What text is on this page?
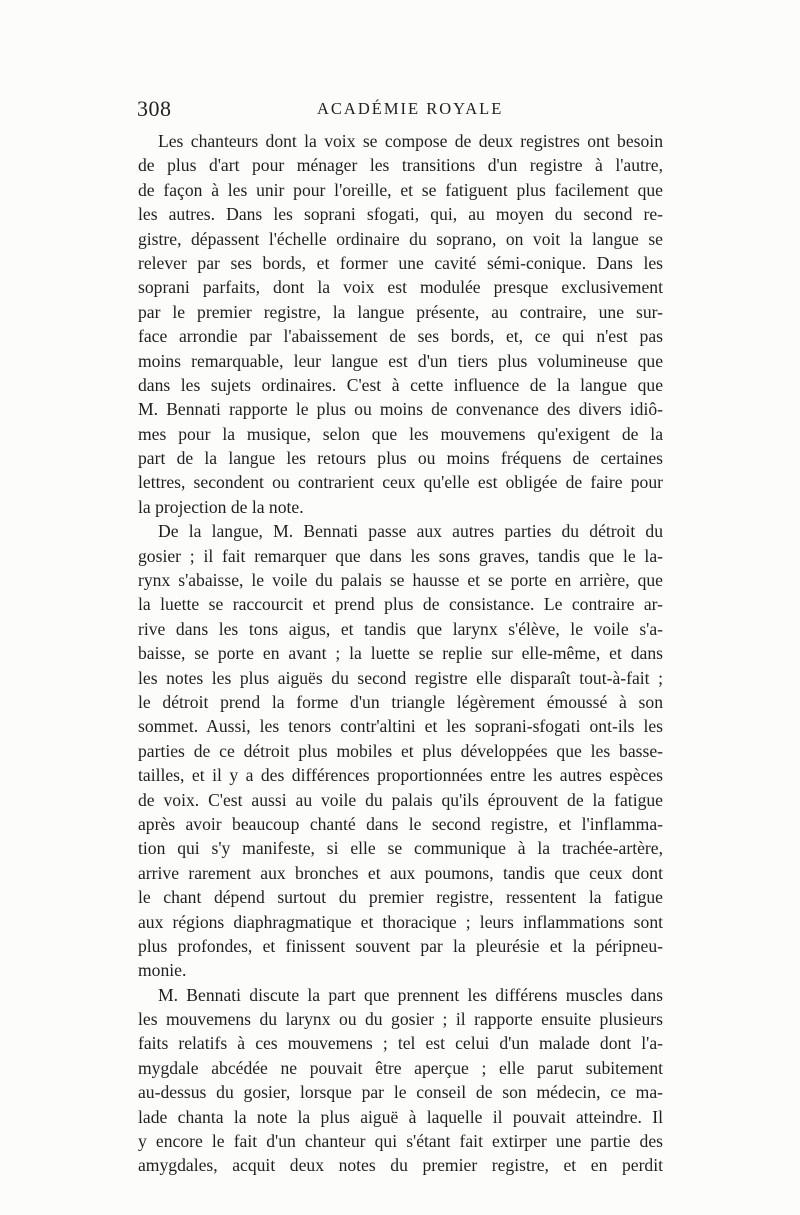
308	ACADÉMIE ROYALE
Les chanteurs dont la voix se compose de deux registres ont besoin
de plus d'art pour ménager les transitions d'un registre à l'autre,
de façon à les unir pour l'oreille, et se fatiguent plus facilement que
les autres. Dans les soprani sfogati, qui, au moyen du second re-
gistre, dépassent l'échelle ordinaire du soprano, on voit la langue se
relever par ses bords, et former une cavité sémi-conique. Dans les
soprani parfaits, dont la voix est modulée presque exclusivement
par le premier registre, la langue présente, au contraire, une sur-
face arrondie par l'abaissement de ses bords, et, ce qui n'est pas
moins remarquable, leur langue est d'un tiers plus volumineuse que
dans les sujets ordinaires. C'est à cette influence de la langue que
M. Bennati rapporte le plus ou moins de convenance des divers idiô-
mes pour la musique, selon que les mouvemens qu'exigent de la
part de la langue les retours plus ou moins fréquens de certaines
lettres, secondent ou contrarient ceux qu'elle est obligée de faire pour
la projection de la note.
De la langue, M. Bennati passe aux autres parties du détroit du
gosier ; il fait remarquer que dans les sons graves, tandis que le la-
rynx s'abaisse, le voile du palais se hausse et se porte en arrière, que
la luette se raccourcit et prend plus de consistance. Le contraire ar-
rive dans les tons aigus, et tandis que larynx s'élève, le voile s'a-
baisse, se porte en avant ; la luette se replie sur elle-même, et dans
les notes les plus aiguës du second registre elle disparaît tout-à-fait ;
le détroit prend la forme d'un triangle légèrement émoussé à son
sommet. Aussi, les tenors contr'altini et les soprani-sfogati ont-ils les
parties de ce détroit plus mobiles et plus développées que les basse-
tailles, et il y a des différences proportionnées entre les autres espèces
de voix. C'est aussi au voile du palais qu'ils éprouvent de la fatigue
après avoir beaucoup chanté dans le second registre, et l'inflamma-
tion qui s'y manifeste, si elle se communique à la trachée-artère,
arrive rarement aux bronches et aux poumons, tandis que ceux dont
le chant dépend surtout du premier registre, ressentent la fatigue
aux régions diaphragmatique et thoracique ; leurs inflammations sont
plus profondes, et finissent souvent par la pleurésie et la péripneu-
monie.
M. Bennati discute la part que prennent les différens muscles dans
les mouvemens du larynx ou du gosier ; il rapporte ensuite plusieurs
faits relatifs à ces mouvemens ; tel est celui d'un malade dont l'a-
mygdale abcédée ne pouvait être aperçue ; elle parut subitement
au-dessus du gosier, lorsque par le conseil de son médecin, ce ma-
lade chanta la note la plus aiguë à laquelle il pouvait atteindre. Il
y encore le fait d'un chanteur qui s'étant fait extirper une partie des
amygdales, acquit deux notes du premier registre, et en perdit
